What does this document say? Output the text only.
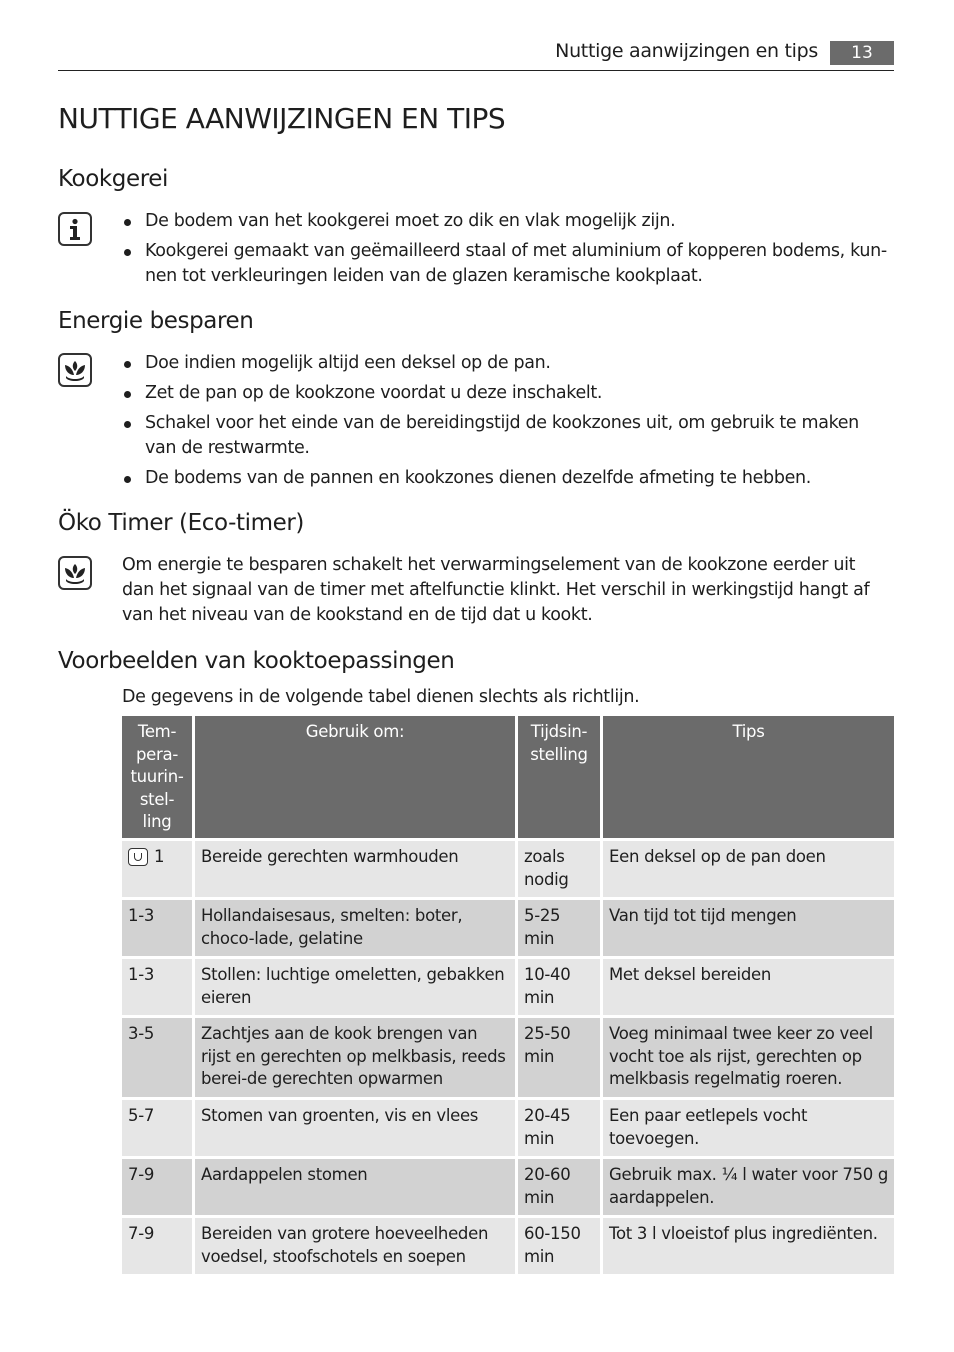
Nuttige aanwijzingen en tips	13
NUTTIGE AANWIJZINGEN EN TIPS
Kookgerei
De bodem van het kookgerei moet zo dik en vlak mogelijk zijn.
Kookgerei gemaakt van geëmailleerd staal of met aluminium of kopperen bodems, kun-nen tot verkleuringen leiden van de glazen keramische kookplaat.
Energie besparen
Doe indien mogelijk altijd een deksel op de pan.
Zet de pan op de kookzone voordat u deze inschakelt.
Schakel voor het einde van de bereidingstijd de kookzones uit, om gebruik te maken van de restwarmte.
De bodems van de pannen en kookzones dienen dezelfde afmeting te hebben.
Öko Timer (Eco-timer)

Om energie te besparen schakelt het verwarmingselement van de kookzone eerder uit dan het signaal van de timer met aftelfunctie klinkt. Het verschil in werkingstijd hangt af van het niveau van de kookstand en de tijd dat u kookt.

Voorbeelden van kooktoepassingen

De gegevens in de volgende tabel dienen slechts als richtlijn.

Tem-
pera-
tuurin-
stel-
ling	Gebruik om:	Tijdsin-
stelling	Tips
1	Bereide gerechten warmhouden	zoals nodig	Een deksel op de pan doen
1-3	Hollandaisesaus, smelten: boter, choco-lade, gelatine	5-25 min	Van tijd tot tijd mengen
1-3	Stollen: luchtige omeletten, gebakken eieren	10-40 min	Met deksel bereiden
3-5	Zachtjes aan de kook brengen van rijst en gerechten op melkbasis, reeds berei-de gerechten opwarmen	25-50 min	Voeg minimaal twee keer zo veel vocht toe als rijst, gerechten op melkbasis regelmatig roeren.
5-7	Stomen van groenten, vis en vlees	20-45 min	Een paar eetlepels vocht toevoegen.
7-9	Aardappelen stomen	20-60 min	Gebruik max. ¼ l water voor 750 g aardappelen.
7-9	Bereiden van grotere hoeveelheden voedsel, stoofschotels en soepen	60-150 min	Tot 3 l vloeistof plus ingrediënten.
